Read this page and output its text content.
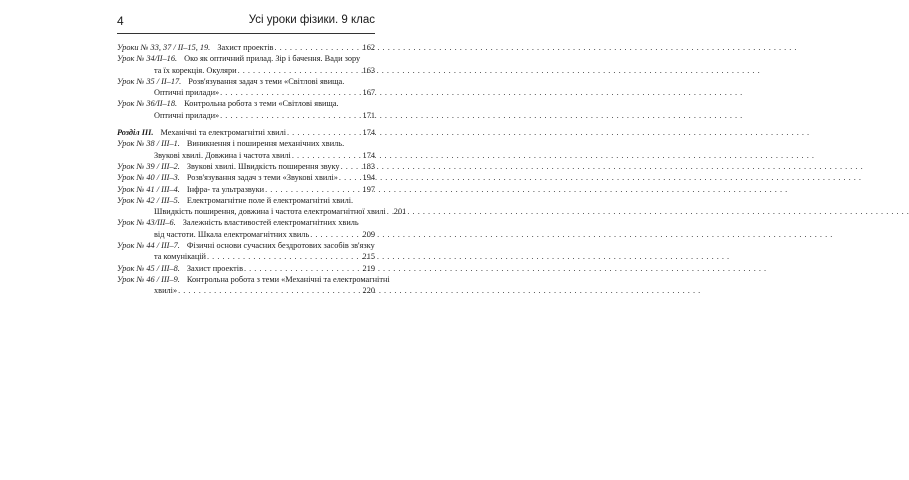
4	Усі уроки фізики. 9 клас
Уроки № 33, 37 / ІІ–15, 19.
Захист проектів . . .	162
Урок № 34/ІІ–16.
Око як оптичний прилад. Зір і бачення. Вади зору
та їх корекція. Окуляри . . .	163
Урок № 35 / ІІ–17.
Розв'язування задач з теми «Світлові явища.
Оптичні прилади» . . .	167
Урок № 36/ІІ–18.
Контрольна робота з теми «Світлові явища.
Оптичні прилади» . . .	171
Розділ ІІІ.
Механічні та електромагнітні хвилі . . .	174
Урок № 38 / ІІІ–1.
Виникнення і поширення механічних хвиль.
Звукові хвилі. Довжина і частота хвилі . . .	174
Урок № 39 / ІІІ–2.
Звукові хвилі. Швидкість поширення звуку . . .	183
Урок № 40 / ІІІ–3.
Розв'язування задач з теми «Звукові хвилі» . . .	194
Урок № 41 / ІІІ–4.
Інфра- та ультразвуки . . .	197
Урок № 42 / ІІІ–5.
Електромагнітне поле й електромагнітні хвилі.
Швидкість поширення, довжина і частота електромагнітної хвилі . . . 201
Урок № 43/ІІІ–6.
Залежність властивостей електромагнітних хвиль
від частоти. Шкала електромагнітних хвиль . . .	209
Урок № 44 / ІІІ–7.
Фізичні основи сучасних бездротових засобів зв'язку
та комунікацій . . .	215
Урок № 45 / ІІІ–8.
Захист проектів . . .	219
Урок № 46 / ІІІ–9.
Контрольна робота з теми «Механічні та електромагнітні
хвилі» . . .	220
